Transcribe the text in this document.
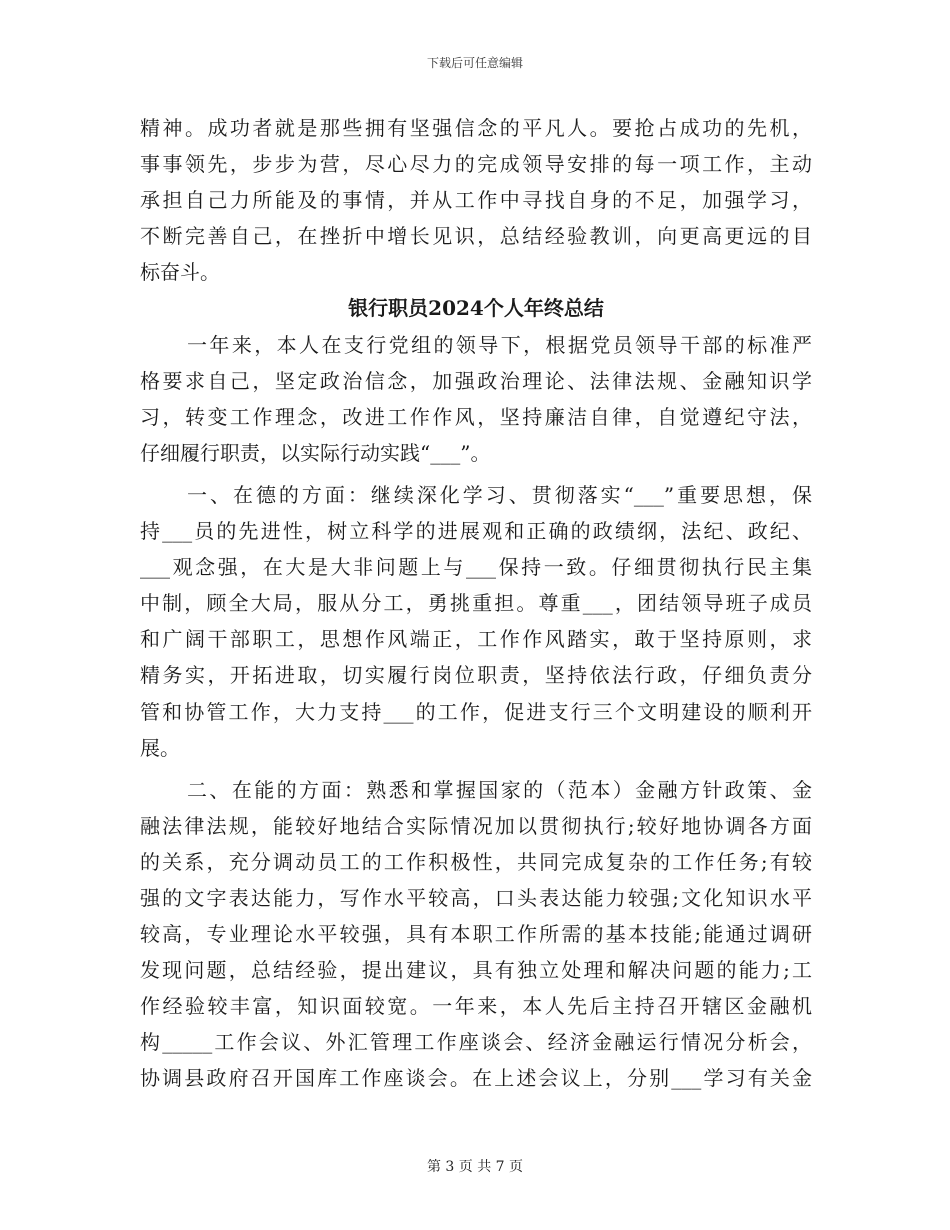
下载后可任意编辑
精神。成功者就是那些拥有坚强信念的平凡人。要抢占成功的先机，
事事领先，步步为营，尽心尽力的完成领导安排的每一项工作，主动
承担自己力所能及的事情，并从工作中寻找自身的不足，加强学习，
不断完善自己，在挫折中增长见识，总结经验教训，向更高更远的目
标奋斗。
银行职员2024个人年终总结
一年来，本人在支行党组的领导下，根据党员领导干部的标准严
格要求自己，坚定政治信念，加强政治理论、法律法规、金融知识学
习，转变工作理念，改进工作作风，坚持廉洁自律，自觉遵纪守法，
仔细履行职责，以实际行动实践“___”。
一、在德的方面：继续深化学习、贯彻落实“___”重要思想，保
持___员的先进性，树立科学的进展观和正确的政绩纲，法纪、政纪、
___观念强，在大是大非问题上与___保持一致。仔细贯彻执行民主集
中制，顾全大局，服从分工，勇挑重担。尊重___，团结领导班子成员
和广阔干部职工，思想作风端正，工作作风踏实，敢于坚持原则，求
精务实，开拓进取，切实履行岗位职责，坚持依法行政，仔细负责分
管和协管工作，大力支持___的工作，促进支行三个文明建设的顺利开
展。
二、在能的方面：熟悉和掌握国家的（范本）金融方针政策、金
融法律法规，能较好地结合实际情况加以贯彻执行;较好地协调各方面
的关系，充分调动员工的工作积极性，共同完成复杂的工作任务;有较
强的文字表达能力，写作水平较高，口头表达能力较强;文化知识水平
较高，专业理论水平较强，具有本职工作所需的基本技能;能通过调研
发现问题，总结经验，提出建议，具有独立处理和解决问题的能力;工
作经验较丰富，知识面较宽。一年来，本人先后主持召开辖区金融机
构_____工作会议、外汇管理工作座谈会、经济金融运行情况分析会，
协调县政府召开国库工作座谈会。在上述会议上，分别___学习有关金
第 3 页 共 7 页
